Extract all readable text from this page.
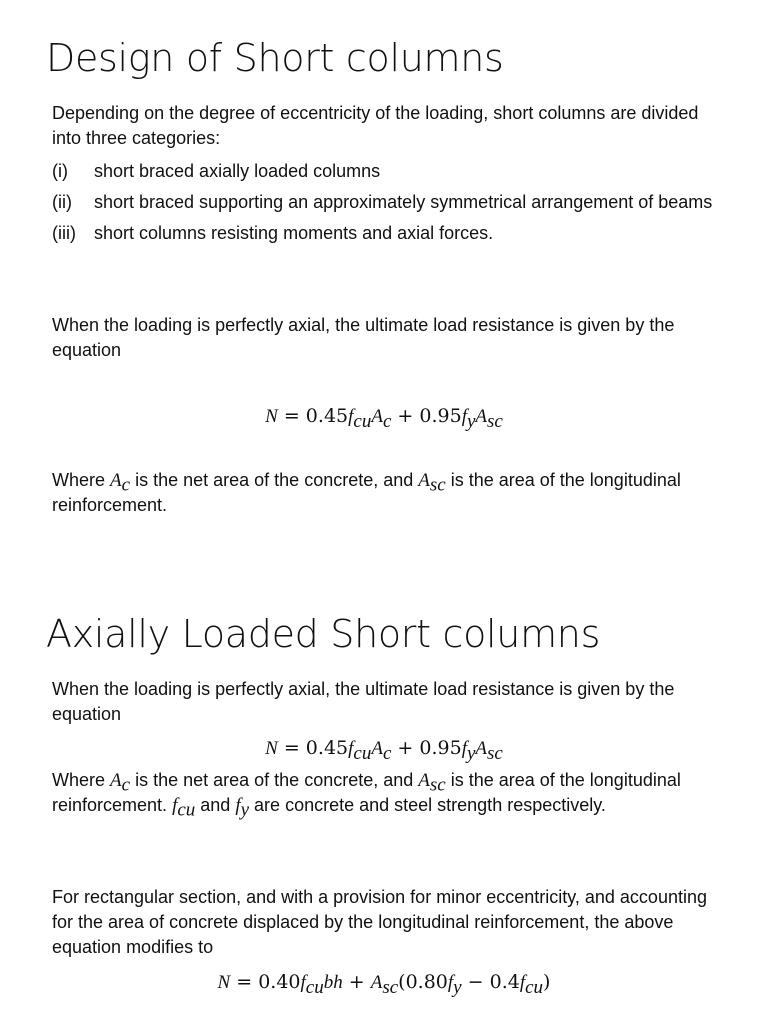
Design of Short columns

Depending on the degree of eccentricity of the loading, short columns are divided into three categories:

(i) short braced axially loaded columns
(ii) short braced supporting an approximately symmetrical arrangement of beams
(iii) short columns resisting moments and axial forces.

When the loading is perfectly axial, the ultimate load resistance is given by the equation

$N = 0.45f_{cu}A_c + 0.95f_yA_{sc}$

Where $A_c$ is the net area of the concrete, and $A_{sc}$ is the area of the longitudinal reinforcement.

Axially Loaded Short columns

When the loading is perfectly axial, the ultimate load resistance is given by the equation

$N = 0.45f_{cu}A_c + 0.95f_yA_{sc}$

Where $A_c$ is the net area of the concrete, and $A_{sc}$ is the area of the longitudinal reinforcement. $f_{cu}$ and $f_y$ are concrete and steel strength respectively.

For rectangular section, and with a provision for minor eccentricity, and accounting for the area of concrete displaced by the longitudinal reinforcement, the above equation modifies to

$N = 0.40f_{cu}bh + A_{sc}(0.80f_y - 0.4f_{cu})$
